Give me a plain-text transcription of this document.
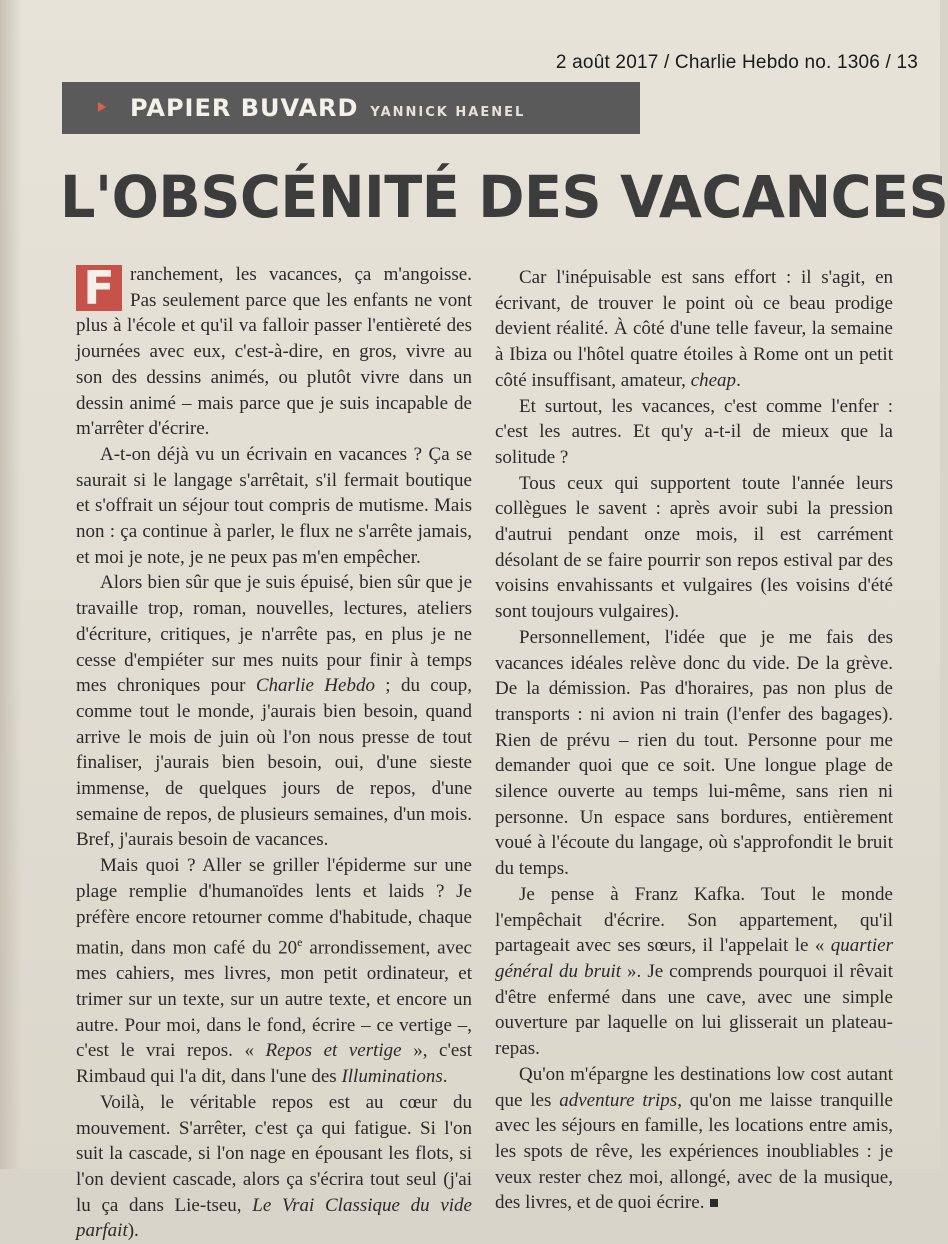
2 août 2017 / Charlie Hebdo no. 1306 / 13
PAPIER BUVARD YANNICK HAENEL
L'OBSCÉNITÉ DES VACANCES

F ranchement, les vacances, ça m'angoisse. Pas seulement parce que les enfants ne vont plus à l'école et qu'il va falloir passer l'entièreté des journées avec eux, c'est-à-dire, en gros, vivre au son des dessins animés, ou plutôt vivre dans un dessin animé – mais parce que je suis incapable de m'arrêter d'écrire.

A-t-on déjà vu un écrivain en vacances ? Ça se saurait si le langage s'arrêtait, s'il fermait boutique et s'offrait un séjour tout compris de mutisme. Mais non : ça continue à parler, le flux ne s'arrête jamais, et moi je note, je ne peux pas m'en empêcher.

Alors bien sûr que je suis épuisé, bien sûr que je travaille trop, roman, nouvelles, lectures, ateliers d'écriture, critiques, je n'arrête pas, en plus je ne cesse d'empiéter sur mes nuits pour finir à temps mes chroniques pour Charlie Hebdo ; du coup, comme tout le monde, j'aurais bien besoin, quand arrive le mois de juin où l'on nous presse de tout finaliser, j'aurais bien besoin, oui, d'une sieste immense, de quelques jours de repos, d'une semaine de repos, de plusieurs semaines, d'un mois. Bref, j'aurais besoin de vacances.

Mais quoi ? Aller se griller l'épiderme sur une plage remplie d'humanoïdes lents et laids ? Je préfère encore retourner comme d'habitude, chaque matin, dans mon café du 20e arrondissement, avec mes cahiers, mes livres, mon petit ordinateur, et trimer sur un texte, sur un autre texte, et encore un autre. Pour moi, dans le fond, écrire – ce vertige –, c'est le vrai repos. « Repos et vertige », c'est Rimbaud qui l'a dit, dans l'une des Illuminations.

Voilà, le véritable repos est au cœur du mouvement. S'arrêter, c'est ça qui fatigue. Si l'on suit la cascade, si l'on nage en épousant les flots, si l'on devient cascade, alors ça s'écrira tout seul (j'ai lu ça dans Lie-tseu, Le Vrai Classique du vide parfait).

Car l'inépuisable est sans effort : il s'agit, en écrivant, de trouver le point où ce beau prodige devient réalité. À côté d'une telle faveur, la semaine à Ibiza ou l'hôtel quatre étoiles à Rome ont un petit côté insuffisant, amateur, cheap.

Et surtout, les vacances, c'est comme l'enfer : c'est les autres. Et qu'y a-t-il de mieux que la solitude ?

Tous ceux qui supportent toute l'année leurs collègues le savent : après avoir subi la pression d'autrui pendant onze mois, il est carrément désolant de se faire pourrir son repos estival par des voisins envahissants et vulgaires (les voisins d'été sont toujours vulgaires).

Personnellement, l'idée que je me fais des vacances idéales relève donc du vide. De la grève. De la démission. Pas d'horaires, pas non plus de transports : ni avion ni train (l'enfer des bagages). Rien de prévu – rien du tout. Personne pour me demander quoi que ce soit. Une longue plage de silence ouverte au temps lui-même, sans rien ni personne. Un espace sans bordures, entièrement voué à l'écoute du langage, où s'approfondit le bruit du temps.

Je pense à Franz Kafka. Tout le monde l'empêchait d'écrire. Son appartement, qu'il partageait avec ses sœurs, il l'appelait le « quartier général du bruit ». Je comprends pourquoi il rêvait d'être enfermé dans une cave, avec une simple ouverture par laquelle on lui glisserait un plateau-repas.

Qu'on m'épargne les destinations low cost autant que les adventure trips, qu'on me laisse tranquille avec les séjours en famille, les locations entre amis, les spots de rêve, les expériences inoubliables : je veux rester chez moi, allongé, avec de la musique, des livres, et de quoi écrire.
